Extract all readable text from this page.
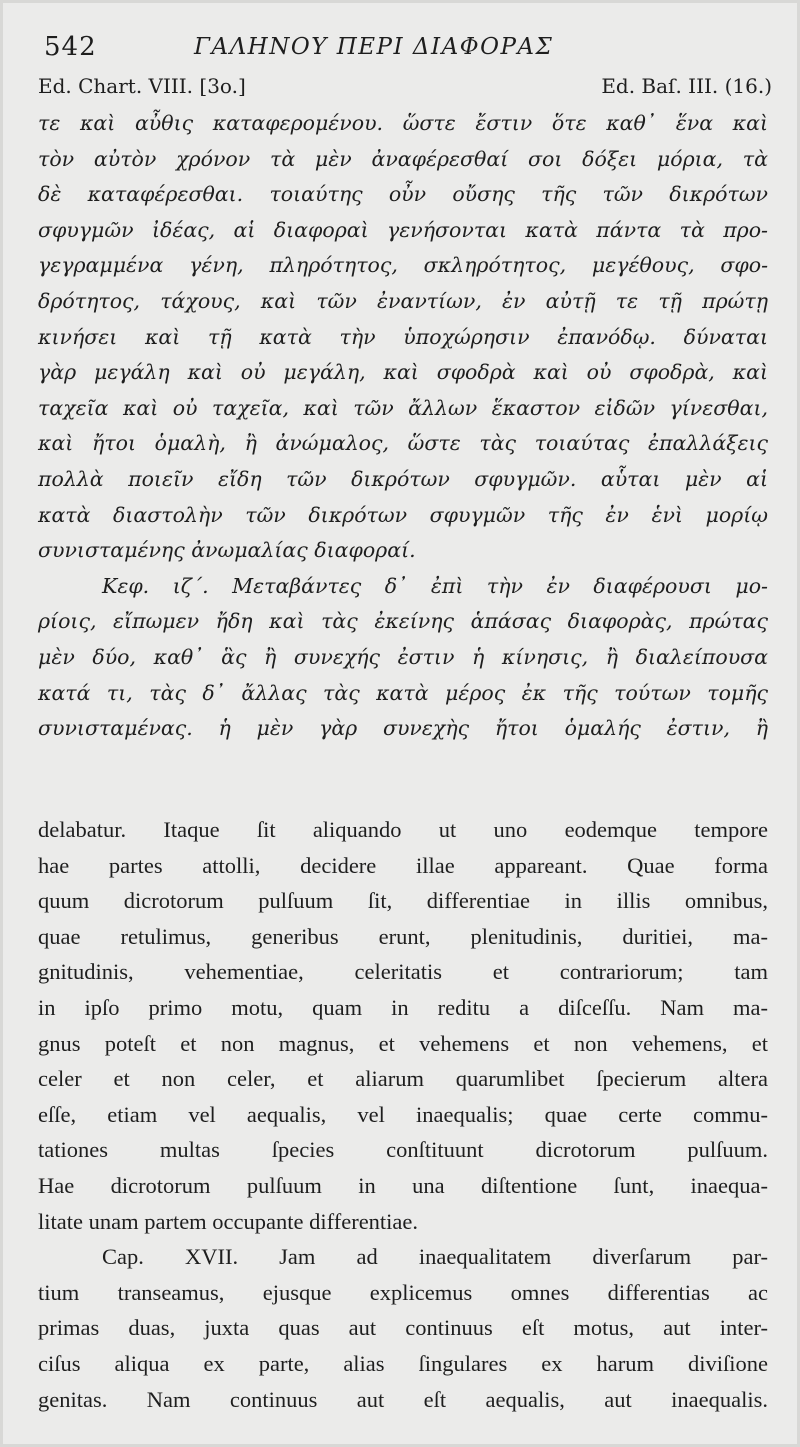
542	ΓΑΛΗΝΟΥ ΠΕΡΙ ΔΙΑΦΟΡΑΣ
Ed. Chart. VIII. [3o.]	Ed. Baſ. III. (16.)
τε καὶ αὖθις καταφερομένου. ὥστε ἔστιν ὅτε καθ᾽ ἕνα καὶ
τὸν αὐτὸν χρόνον τὰ μὲν ἀναφέρεσθαί σοι δόξει μόρια, τὰ
δὲ καταφέρεσθαι. τοιαύτης οὖν οὔσης τῆς τῶν δικρότων
σφυγμῶν ἰδέας, αἱ διαφοραὶ γενήσονται κατὰ πάντα τὰ προ-
γεγραμμένα γένη, πληρότητος, σκληρότητος, μεγέθους, σφο-
δρότητος, τάχους, καὶ τῶν ἐναντίων, ἐν αὐτῇ τε τῇ πρώτῃ
κινήσει καὶ τῇ κατὰ τὴν ὑποχώρησιν ἐπανόδῳ. δύναται
γὰρ μεγάλη καὶ οὐ μεγάλη, καὶ σφοδρὰ καὶ οὐ σφοδρὰ, καὶ
ταχεῖα καὶ οὐ ταχεῖα, καὶ τῶν ἄλλων ἕκαστον εἰδῶν γίνεσθαι,
καὶ ἤτοι ὁμαλὴ, ἢ ἀνώμαλος, ὥστε τὰς τοιαύτας ἐπαλλάξεις
πολλὰ ποιεῖν εἴδη τῶν δικρότων σφυγμῶν. αὗται μὲν αἱ
κατὰ διαστολὴν τῶν δικρότων σφυγμῶν τῆς ἐν ἑνὶ μορίῳ
συνισταμένης ἀνωμαλίας διαφοραί.
Κεφ. ιζ΄. Μεταβάντες δ᾽ ἐπὶ τὴν ἐν διαφέρουσι μο-
ρίοις, εἴπωμεν ἤδη καὶ τὰς ἐκείνης ἁπάσας διαφορὰς, πρώτας
μὲν δύο, καθ᾽ ἃς ἢ συνεχής ἐστιν ἡ κίνησις, ἢ διαλείπουσα
κατά τι, τὰς δ᾽ ἄλλας τὰς κατὰ μέρος ἐκ τῆς τούτων τομῆς
συνισταμένας. ἡ μὲν γὰρ συνεχὴς ἤτοι ὁμαλής ἐστιν, ἢ
delabatur. Itaque ſit aliquando ut uno eodemque tempore
hae partes attolli, decidere illae appareant. Quae forma
quum dicrotorum pulſuum ſit, differentiae in illis omnibus,
quae retulimus, generibus erunt, plenitudinis, duritiei, ma-
gnitudinis, vehementiae, celeritatis et contrariorum; tam
in ipſo primo motu, quam in reditu a diſceſſu. Nam ma-
gnus poteſt et non magnus, et vehemens et non vehemens, et
celer et non celer, et aliarum quarumlibet ſpecierum altera
eſſe, etiam vel aequalis, vel inaequalis; quae certe commu-
tationes multas ſpecies conſtituunt dicrotorum pulſuum.
Hae dicrotorum pulſuum in una diſtentione ſunt, inaequa-
litate unam partem occupante differentiae.
Cap. XVII. Jam ad inaequalitatem diverſarum par-
tium transeamus, ejusque explicemus omnes differentias ac
primas duas, juxta quas aut continuus eſt motus, aut inter-
ciſus aliqua ex parte, alias ſingulares ex harum diviſione
genitas. Nam continuus aut eſt aequalis, aut inaequalis.
